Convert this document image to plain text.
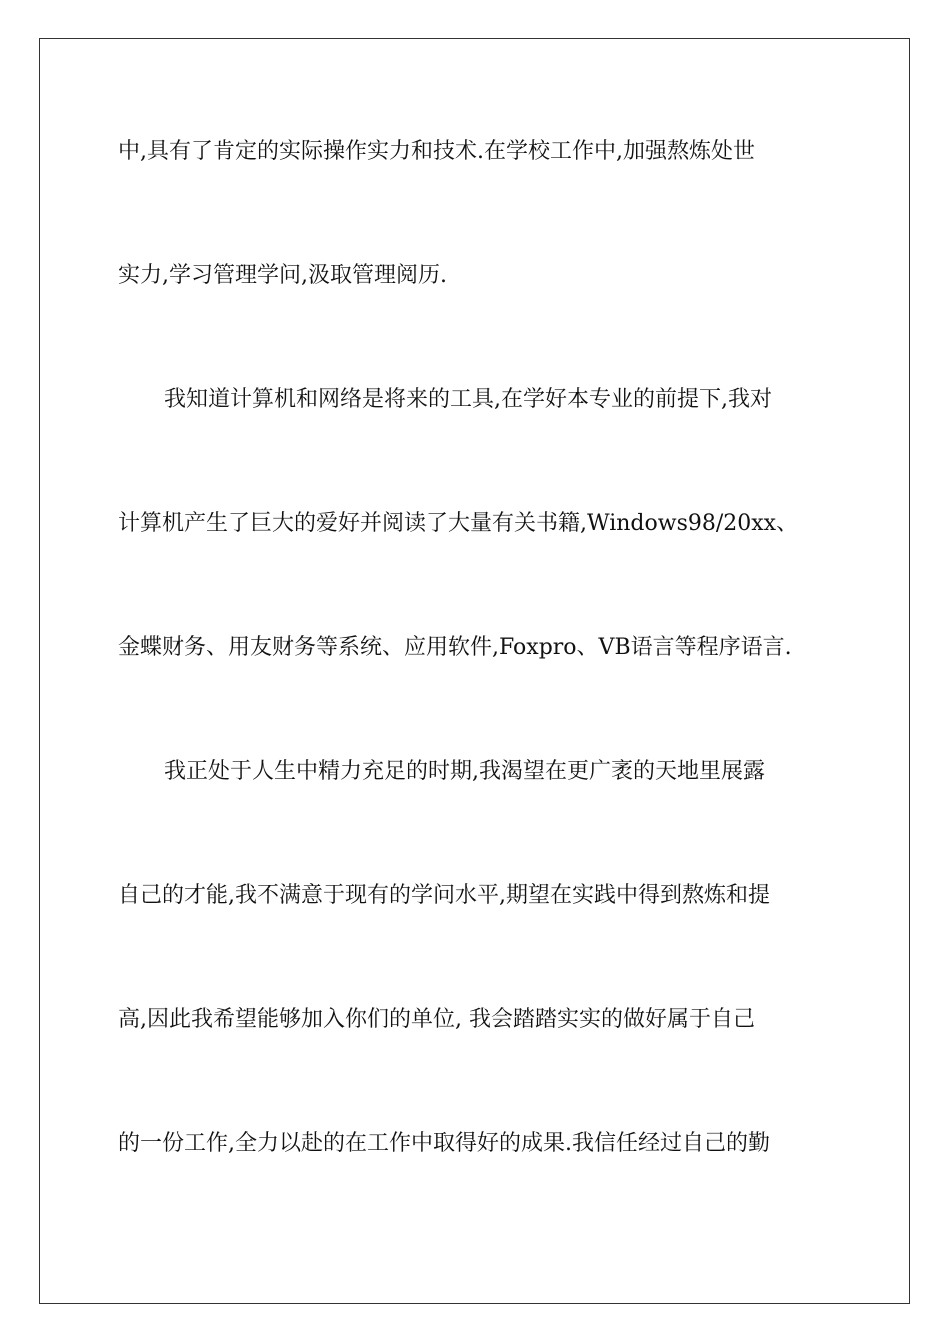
中,具有了肯定的实际操作实力和技术.在学校工作中,加强熬炼处世
实力,学习管理学问,汲取管理阅历.
我知道计算机和网络是将来的工具,在学好本专业的前提下,我对
计算机产生了巨大的爱好并阅读了大量有关书籍,Windows98/20xx、
金蝶财务、用友财务等系统、应用软件,Foxpro、VB语言等程序语言.
我正处于人生中精力充足的时期,我渴望在更广袤的天地里展露
自己的才能,我不满意于现有的学问水平,期望在实践中得到熬炼和提
高,因此我希望能够加入你们的单位, 我会踏踏实实的做好属于自己
的一份工作,全力以赴的在工作中取得好的成果.我信任经过自己的勤
